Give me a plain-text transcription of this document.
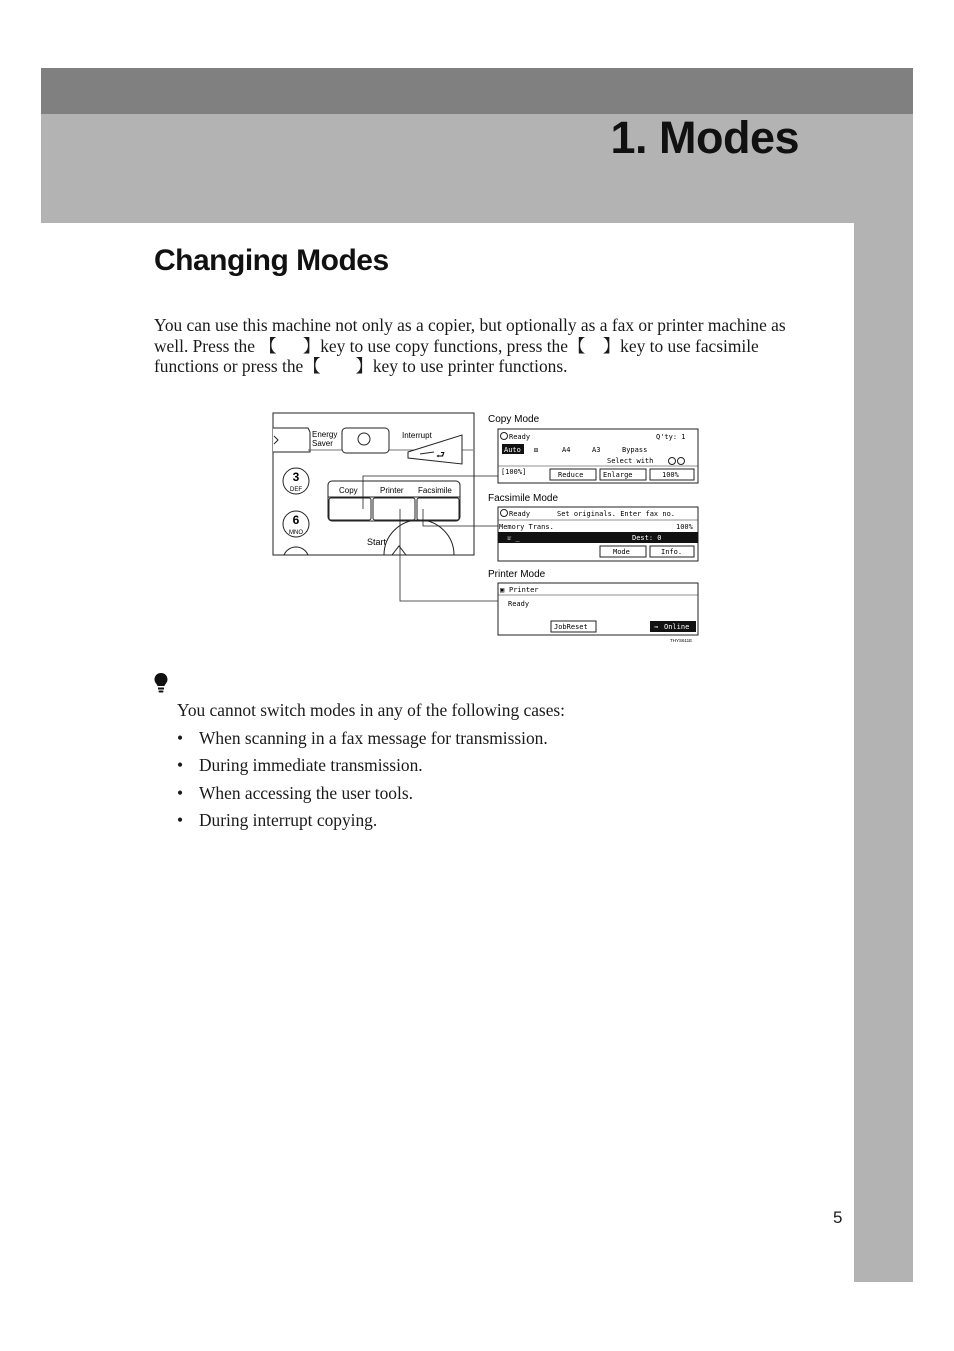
1. Modes
Changing Modes

You can use this machine not only as a copier, but optionally as a fax or printer machine as well. Press the 【 】key to use copy functions, press the【 】key to use facsimile functions or press the【 】key to use printer functions.

Energy
Saver
Interrupt
⮐
3
DEF
6
MNO
Copy	Printer Facsimile
Start
Copy Mode
Ready	Q'ty: 1
Auto ⚅	A4	A3	Bypass
Select with
[100%]	Reduce	Enlarge	100%
Facsimile Mode
Ready	Set originals. Enter fax no.
Memory Trans.	100%
☏ _	Dest: 0
Mode	Info.
Printer Mode
▣ Printer
Ready
JobReset	⇒ Online
THYS611E

You cannot switch modes in any of the following cases:

• When scanning in a fax message for transmission.
• During immediate transmission.
• When accessing the user tools.
• During interrupt copying.
5
